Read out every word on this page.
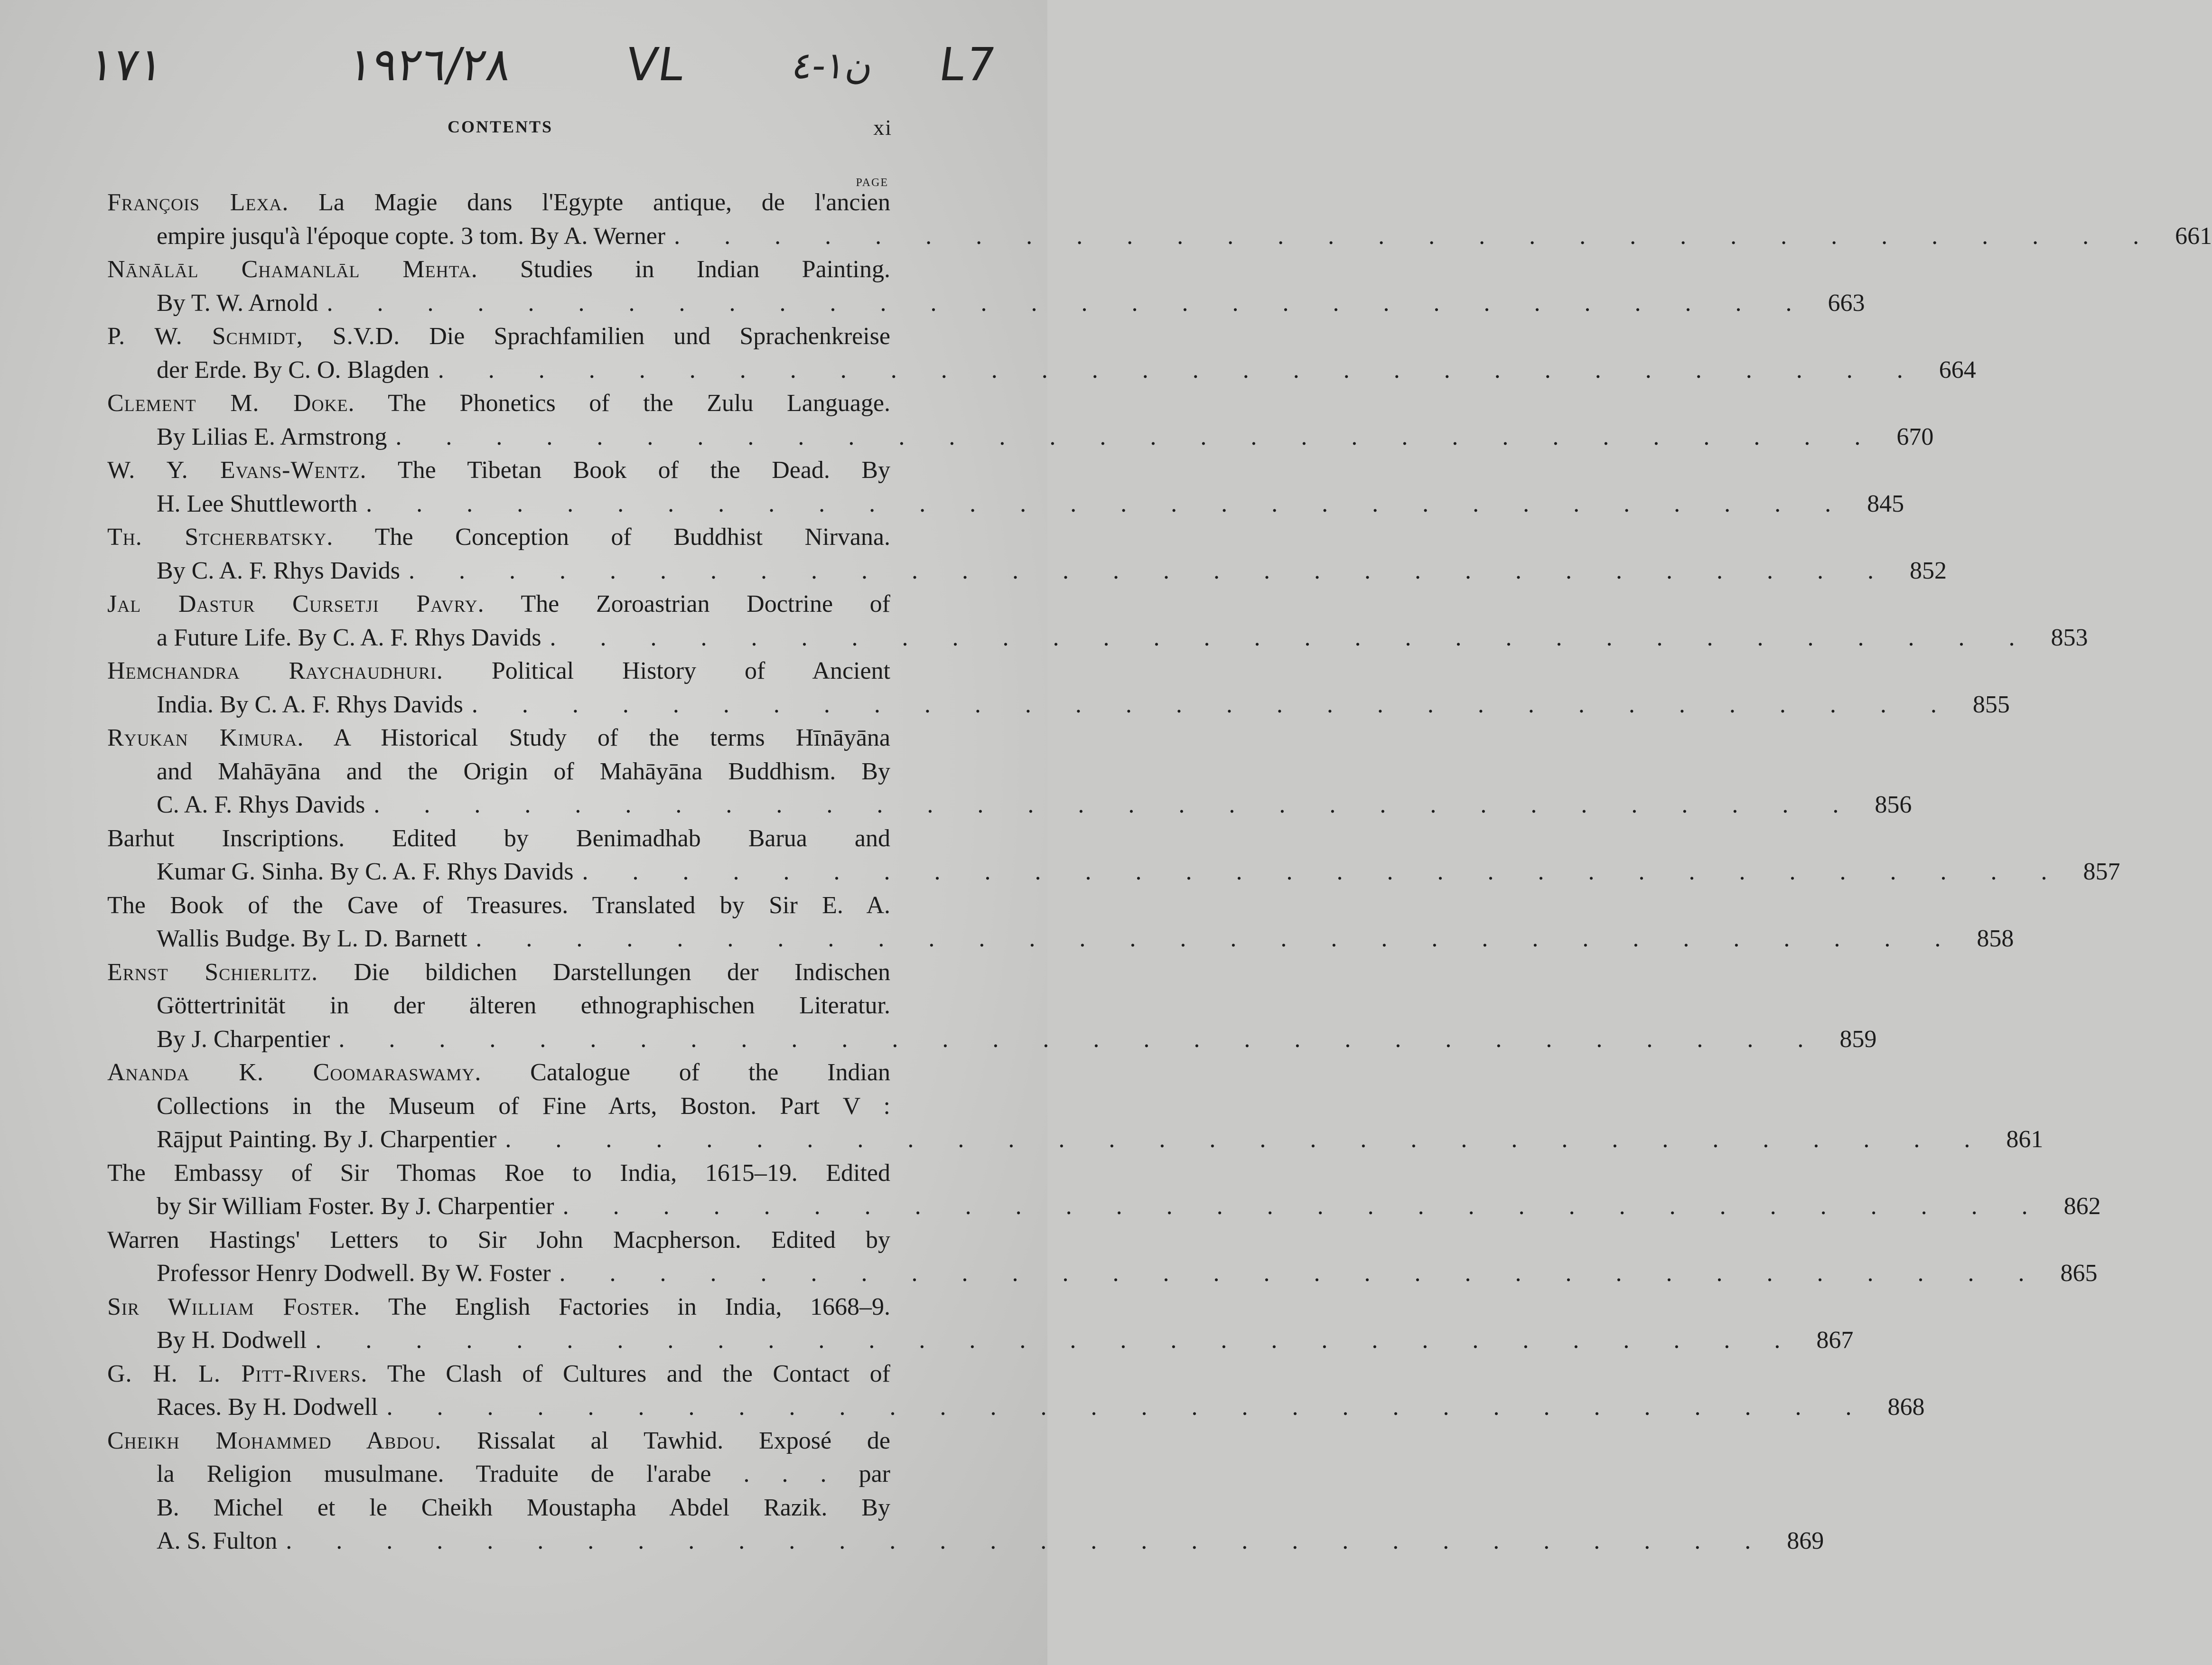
١٧١	١٩٢٦/٢٨ VL	ن١-٤ L7
CONTENTS	xi
PAGE
François Lexa. La Magie dans l'Egypte antique, de l'ancien
empire jusqu'à l'époque copte. 3 tom. By A. Werner . . . . . . . . . . . . . . . . . . . . . . . . . . . . . . 661
Nānālāl Chamanlāl Mehta. Studies in Indian Painting.
By T. W. Arnold . . . . . . . . . . . . . . . . . . . . . . . . . . . . . . 663
P. W. Schmidt, S.V.D. Die Sprachfamilien und Sprachenkreise
der Erde. By C. O. Blagden . . . . . . . . . . . . . . . . . . . . . . . . . . . . . . 664
Clement M. Doke. The Phonetics of the Zulu Language.
By Lilias E. Armstrong . . . . . . . . . . . . . . . . . . . . . . . . . . . . . . 670
W. Y. Evans-Wentz. The Tibetan Book of the Dead. By
H. Lee Shuttleworth . . . . . . . . . . . . . . . . . . . . . . . . . . . . . . 845
Th. Stcherbatsky. The Conception of Buddhist Nirvana.
By C. A. F. Rhys Davids . . . . . . . . . . . . . . . . . . . . . . . . . . . . . . 852
Jal Dastur Cursetji Pavry. The Zoroastrian Doctrine of
a Future Life. By C. A. F. Rhys Davids . . . . . . . . . . . . . . . . . . . . . . . . . . . . . . 853
Hemchandra Raychaudhuri. Political History of Ancient
India. By C. A. F. Rhys Davids . . . . . . . . . . . . . . . . . . . . . . . . . . . . . . 855
Ryukan Kimura. A Historical Study of the terms Hīnāyāna
and Mahāyāna and the Origin of Mahāyāna Buddhism. By
C. A. F. Rhys Davids . . . . . . . . . . . . . . . . . . . . . . . . . . . . . . 856
Barhut Inscriptions. Edited by Benimadhab Barua and
Kumar G. Sinha. By C. A. F. Rhys Davids . . . . . . . . . . . . . . . . . . . . . . . . . . . . . . 857
The Book of the Cave of Treasures. Translated by Sir E. A.
Wallis Budge. By L. D. Barnett . . . . . . . . . . . . . . . . . . . . . . . . . . . . . . 858
Ernst Schierlitz. Die bildichen Darstellungen der Indischen
Göttertrinität in der älteren ethnographischen Literatur.
By J. Charpentier . . . . . . . . . . . . . . . . . . . . . . . . . . . . . . 859
Ananda K. Coomaraswamy. Catalogue of the Indian
Collections in the Museum of Fine Arts, Boston. Part V :
Rājput Painting. By J. Charpentier . . . . . . . . . . . . . . . . . . . . . . . . . . . . . . 861
The Embassy of Sir Thomas Roe to India, 1615–19. Edited
by Sir William Foster. By J. Charpentier . . . . . . . . . . . . . . . . . . . . . . . . . . . . . . 862
Warren Hastings' Letters to Sir John Macpherson. Edited by
Professor Henry Dodwell. By W. Foster . . . . . . . . . . . . . . . . . . . . . . . . . . . . . . 865
Sir William Foster. The English Factories in India, 1668–9.
By H. Dodwell . . . . . . . . . . . . . . . . . . . . . . . . . . . . . . 867
G. H. L. Pitt-Rivers. The Clash of Cultures and the Contact of
Races. By H. Dodwell . . . . . . . . . . . . . . . . . . . . . . . . . . . . . . 868
Cheikh Mohammed Abdou. Rissalat al Tawhid. Exposé de
la Religion musulmane. Traduite de l'arabe . . . par
B. Michel et le Cheikh Moustapha Abdel Razik. By
A. S. Fulton . . . . . . . . . . . . . . . . . . . . . . . . . . . . . . 869
